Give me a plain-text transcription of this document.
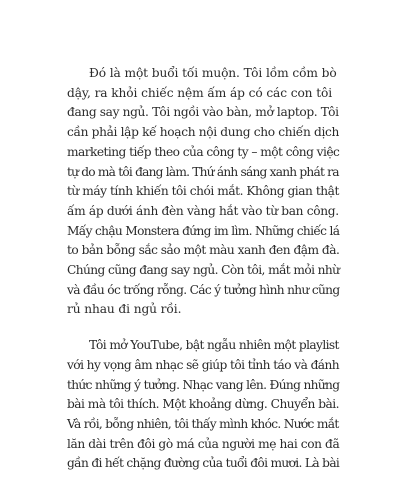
Đó là một buổi tối muộn. Tôi lồm cồm bò
dậy, ra khỏi chiếc nệm ấm áp có các con tôi
đang say ngủ. Tôi ngồi vào bàn, mở laptop. Tôi
cần phải lập kế hoạch nội dung cho chiến dịch
marketing tiếp theo của công ty – một công việc
tự do mà tôi đang làm. Thứ ánh sáng xanh phát ra
từ máy tính khiến tôi chói mắt. Không gian thật
ấm áp dưới ánh đèn vàng hắt vào từ ban công.
Mấy chậu Monstera đứng im lìm. Những chiếc lá
to bản bỗng sắc sảo một màu xanh đen đậm đà.
Chúng cũng đang say ngủ. Còn tôi, mắt mỏi nhừ
và đầu óc trống rỗng. Các ý tưởng hình như cũng
rủ nhau đi ngủ rồi.

Tôi mở YouTube, bật ngẫu nhiên một playlist
với hy vọng âm nhạc sẽ giúp tôi tỉnh táo và đánh
thức những ý tưởng. Nhạc vang lên. Đúng những
bài mà tôi thích. Một khoảng dừng. Chuyển bài.
Và rồi, bỗng nhiên, tôi thấy mình khóc. Nước mắt
lăn dài trên đôi gò má của người mẹ hai con đã
gần đi hết chặng đường của tuổi đôi mươi. Là bài
